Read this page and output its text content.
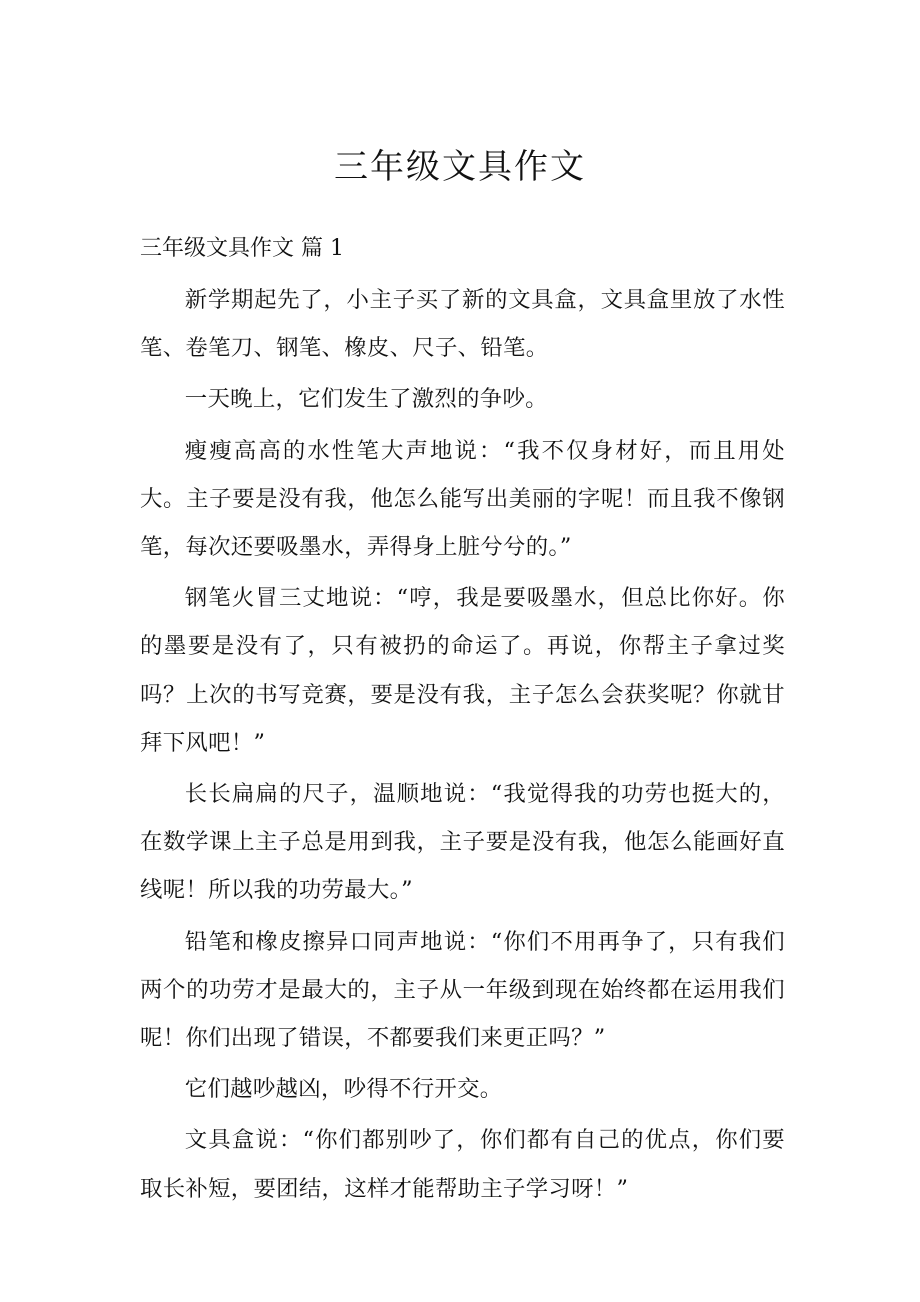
三年级文具作文
三年级文具作文 篇 1

新学期起先了，小主子买了新的文具盒，文具盒里放了水性笔、卷笔刀、钢笔、橡皮、尺子、铅笔。

一天晚上，它们发生了激烈的争吵。

瘦瘦高高的水性笔大声地说：“我不仅身材好，而且用处大。主子要是没有我，他怎么能写出美丽的字呢！而且我不像钢笔，每次还要吸墨水，弄得身上脏兮兮的。”

钢笔火冒三丈地说：“哼，我是要吸墨水，但总比你好。你的墨要是没有了，只有被扔的命运了。再说，你帮主子拿过奖吗？上次的书写竞赛，要是没有我，主子怎么会获奖呢？你就甘拜下风吧！”

长长扁扁的尺子，温顺地说：“我觉得我的功劳也挺大的，在数学课上主子总是用到我，主子要是没有我，他怎么能画好直线呢！所以我的功劳最大。”

铅笔和橡皮擦异口同声地说：“你们不用再争了，只有我们两个的功劳才是最大的，主子从一年级到现在始终都在运用我们呢！你们出现了错误，不都要我们来更正吗？”

它们越吵越凶，吵得不行开交。

文具盒说：“你们都别吵了，你们都有自己的优点，你们要取长补短，要团结，这样才能帮助主子学习呀！”
